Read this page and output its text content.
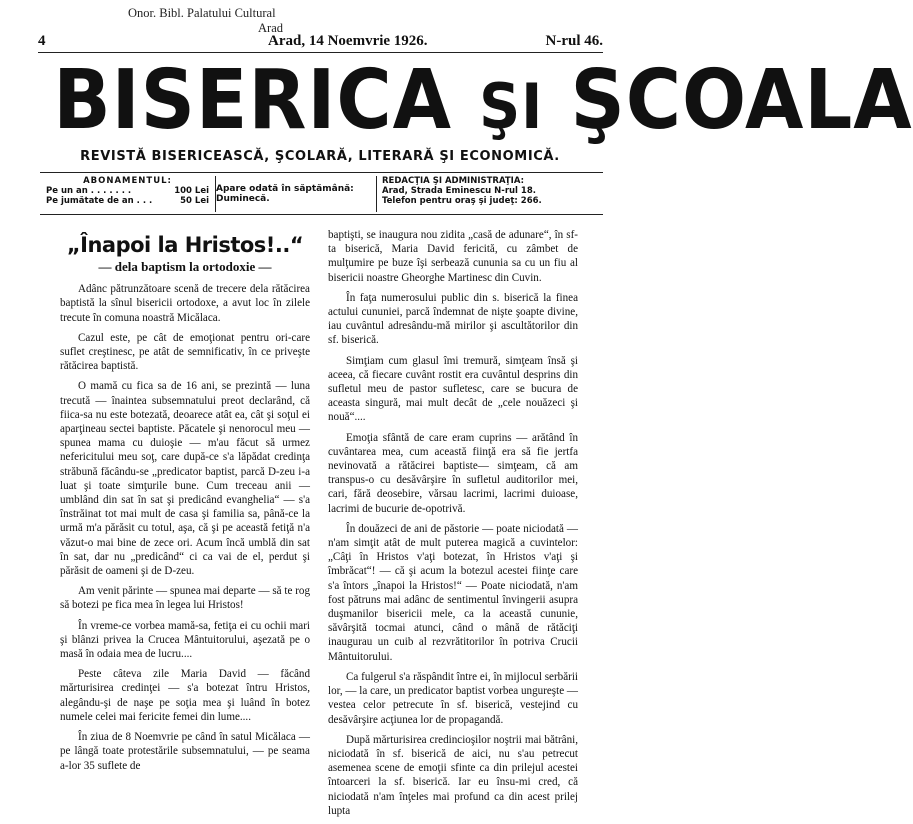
Onor. Bibl. Palatului Cultural
Arad
4	Arad, 14 Noemvrie 1926.	N-rul 46.
BISERICA ŞI ŞCOALA
REVISTĂ BISERICEASCĂ, ŞCOLARĂ, LITERARĂ ŞI ECONOMICĂ.
ABONAMENTUL:
Pe un an . . . . . . .	100 Lei
Pe jumătate de an . . .	50 Lei
Apare odată în săptămână: Duminecă.
REDACŢIA ŞI ADMINISTRAŢIA:
Arad, Strada Eminescu N-rul 18.
Telefon pentru oraş şi judeţ: 266.
„Înapoi la Hristos!..“
— dela baptism la ortodoxie —

Adânc pătrunzătoare scenă de trecere dela rătăcirea baptistă la sînul bisericii ortodoxe, a avut loc în zilele trecute în comuna noastră Micălaca.

Cazul este, pe cât de emoţionat pentru ori-care suflet creştinesc, pe atât de semnificativ, în ce priveşte rătăcirea baptistă.

O mamă cu fica sa de 16 ani, se prezintă — luna trecută — înaintea subsemnatului preot declarând, că fiica-sa nu este botezată, deoarece atât ea, cât şi soţul ei aparţineau sectei baptiste. Păcatele şi nenorocul meu — spunea mama cu duioşie — m'au făcut să urmez nefericitului meu soţ, care după-ce s'a lăpădat credinţa străbună făcându-se „predicator baptist, parcă D-zeu i-a luat şi toate simţurile bune. Cum treceau anii — umblând din sat în sat şi predicând evanghelia“ — s'a înstrăinat tot mai mult de casa şi familia sa, până-ce la urmă m'a părăsit cu totul, aşa, că şi pe această fetiţă n'a văzut-o mai bine de zece ori. Acum încă umblă din sat în sat, dar nu „predicând“ ci ca vai de el, perdut şi părăsit de oameni şi de D-zeu.

Am venit părinte — spunea mai departe — să te rog să botezi pe fica mea în legea lui Hristos!

În vreme-ce vorbea mamă-sa, fetiţa ei cu ochii mari şi blânzi privea la Crucea Mântuitorului, aşezată pe o masă în odaia mea de lucru....

Peste câteva zile Maria David — făcând mărturisirea credinţei — s'a botezat întru Hristos, alegându-şi de naşe pe soţia mea şi luând în botez numele celei mai fericite femei din lume....

În ziua de 8 Noemvrie pe când în satul Micălaca — pe lângă toate protestările subsemnatului, — pe seama a-lor 35 suflete de

baptişti, se inaugura nou zidita „casă de adunare“, în sf-ta biserică, Maria David fericită, cu zâmbet de mulţumire pe buze îşi serbează cununia sa cu un fiu al bisericii noastre Gheorghe Martinesc din Cuvin.

În faţa numerosului public din s. biserică la finea actului cununiei, parcă îndemnat de nişte şoapte divine, iau cuvântul adresându-mă mirilor şi ascultătorilor din sf. biserică.

Simţiam cum glasul îmi tremură, simţeam însă şi aceea, că fiecare cuvânt rostit era cuvântul desprins din sufletul meu de pastor sufletesc, care se bucura de aceasta singură, mai mult decât de „cele nouăzeci şi nouă“....

Emoţia sfântă de care eram cuprins — arătând în cuvântarea mea, cum această fiinţă era să fie jertfa nevinovată a rătăcirei baptiste— simţeam, că am transpus-o cu desăvârşire în sufletul auditorilor mei, cari, fără deosebire, vărsau lacrimi, lacrimi duioase, lacrimi de bucurie de-opotrivă.

În douăzeci de ani de păstorie — poate niciodată — n'am simţit atât de mult puterea magică a cuvintelor: „Câţi în Hristos v'aţi botezat, în Hristos v'aţi şi îmbrăcat“! — că şi acum la botezul acestei fiinţe care s'a întors „înapoi la Hristos!“ — Poate niciodată, n'am fost pătruns mai adânc de sentimentul învingerii asupra duşmanilor bisericii mele, ca la această cununie, săvârşită tocmai atunci, când o mână de rătăciţi inaugurau un cuib al rezvrătitorilor în potriva Crucii Mântuitorului.

Ca fulgerul s'a răspândit între ei, în mijlocul serbării lor, — la care, un predicator baptist vorbea ungureşte — vestea celor petrecute în sf. biserică, vestejind cu desăvârşire acţiunea lor de propagandă.

După mărturisirea credincioşilor noştrii mai bătrâni, niciodată în sf. biserică de aici, nu s'au petrecut asemenea scene de emoţii sfinte ca din prilejul acestei întoarceri la sf. biserică. Iar eu însu-mi cred, că niciodată n'am înţeles mai profund ca din acest prilej lupta
